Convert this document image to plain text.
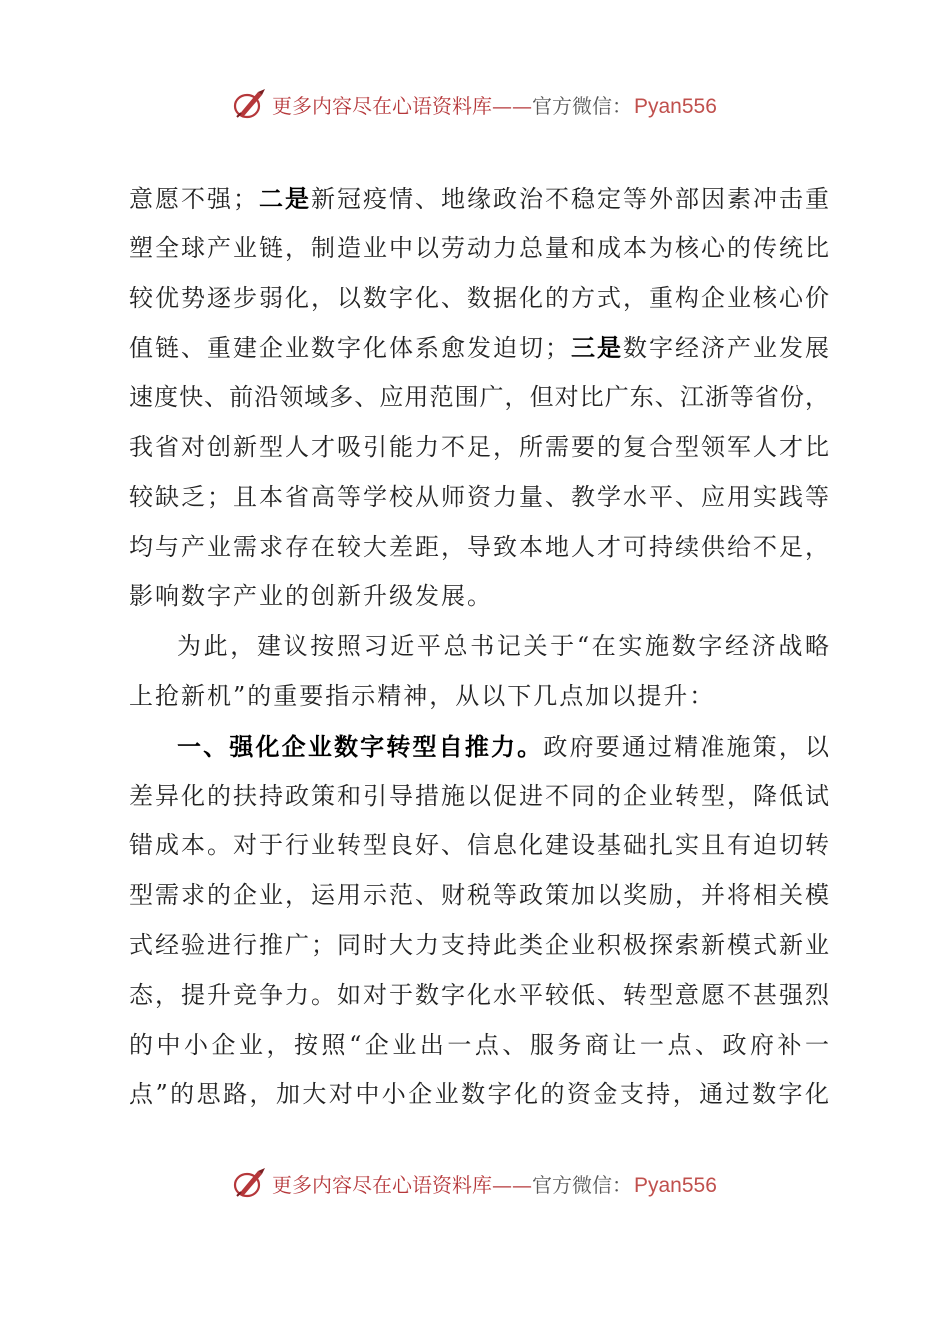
更多内容尽在心语资料库——官方微信：Pyan556
意愿不强；二是新冠疫情、地缘政治不稳定等外部因素冲击重
塑全球产业链，制造业中以劳动力总量和成本为核心的传统比
较优势逐步弱化，以数字化、数据化的方式，重构企业核心价
值链、重建企业数字化体系愈发迫切；三是数字经济产业发展
速度快、前沿领域多、应用范围广，但对比广东、江浙等省份，
我省对创新型人才吸引能力不足，所需要的复合型领军人才比
较缺乏；且本省高等学校从师资力量、教学水平、应用实践等
均与产业需求存在较大差距，导致本地人才可持续供给不足，
影响数字产业的创新升级发展。
为此，建议按照习近平总书记关于“在实施数字经济战略
上抢新机”的重要指示精神，从以下几点加以提升：
一、强化企业数字转型自推力。政府要通过精准施策，以
差异化的扶持政策和引导措施以促进不同的企业转型，降低试
错成本。对于行业转型良好、信息化建设基础扎实且有迫切转
型需求的企业，运用示范、财税等政策加以奖励，并将相关模
式经验进行推广；同时大力支持此类企业积极探索新模式新业
态，提升竞争力。如对于数字化水平较低、转型意愿不甚强烈
的中小企业，按照“企业出一点、服务商让一点、政府补一
点”的思路，加大对中小企业数字化的资金支持，通过数字化
更多内容尽在心语资料库——官方微信：Pyan556
